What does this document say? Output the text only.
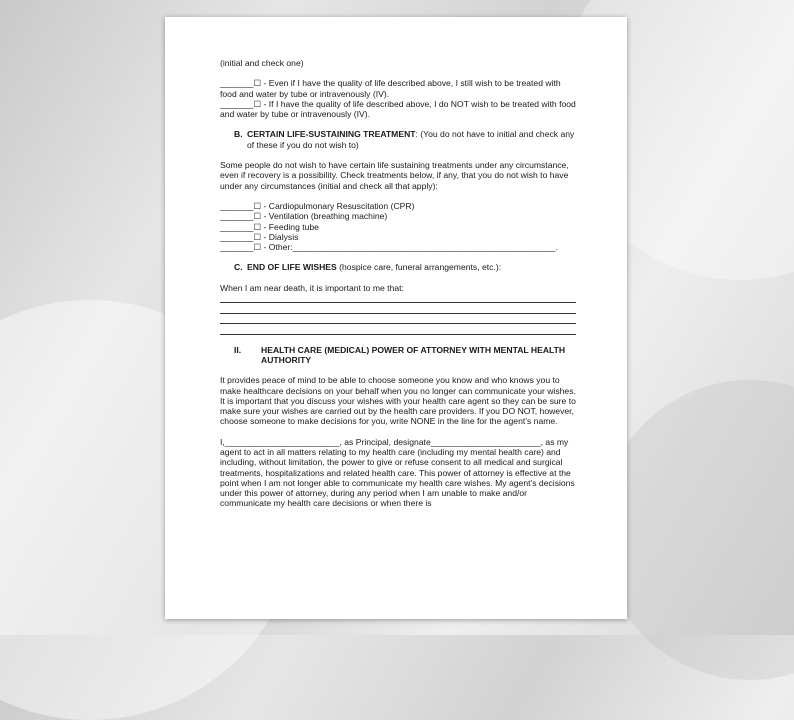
(initial and check one)

_______☐ - Even if I have the quality of life described above, I still wish to be treated with food and water by tube or intravenously (IV).

_______☐ - If I have the quality of life described above, I do NOT wish to be treated with food and water by tube or intravenously (IV).

B. CERTAIN LIFE-SUSTAINING TREATMENT: (You do not have to initial and check any of these if you do not wish to)

Some people do not wish to have certain life sustaining treatments under any circumstance, even if recovery is a possibility. Check treatments below, if any, that you do not wish to have under any circumstances (initial and check all that apply):

_______☐ - Cardiopulmonary Resuscitation (CPR)

_______☐ - Ventilation (breathing machine)

_______☐ - Feeding tube

_______☐ - Dialysis

_______☐ - Other:_______________________________________________________.

C. END OF LIFE WISHES (hospice care, funeral arrangements, etc.):

When I am near death, it is important to me that:

II.	HEALTH CARE (MEDICAL) POWER OF ATTORNEY WITH MENTAL HEALTH AUTHORITY

It provides peace of mind to be able to choose someone you know and who knows you to make healthcare decisions on your behalf when you no longer can communicate your wishes. It is important that you discuss your wishes with your health care agent so they can be sure to make sure your wishes are carried out by the health care providers. If you DO NOT, however, choose someone to make decisions for you, write NONE in the line for the agent’s name.

I,________________________, as Principal, designate_______________________, as my agent to act in all matters relating to my health care (including my mental health care) and including, without limitation, the power to give or refuse consent to all medical and surgical treatments, hospitalizations and related health care. This power of attorney is effective at the point when I am not longer able to communicate my health care wishes. My agent’s decisions under this power of attorney, during any period when I am unable to make and/or communicate my health care decisions or when there is
